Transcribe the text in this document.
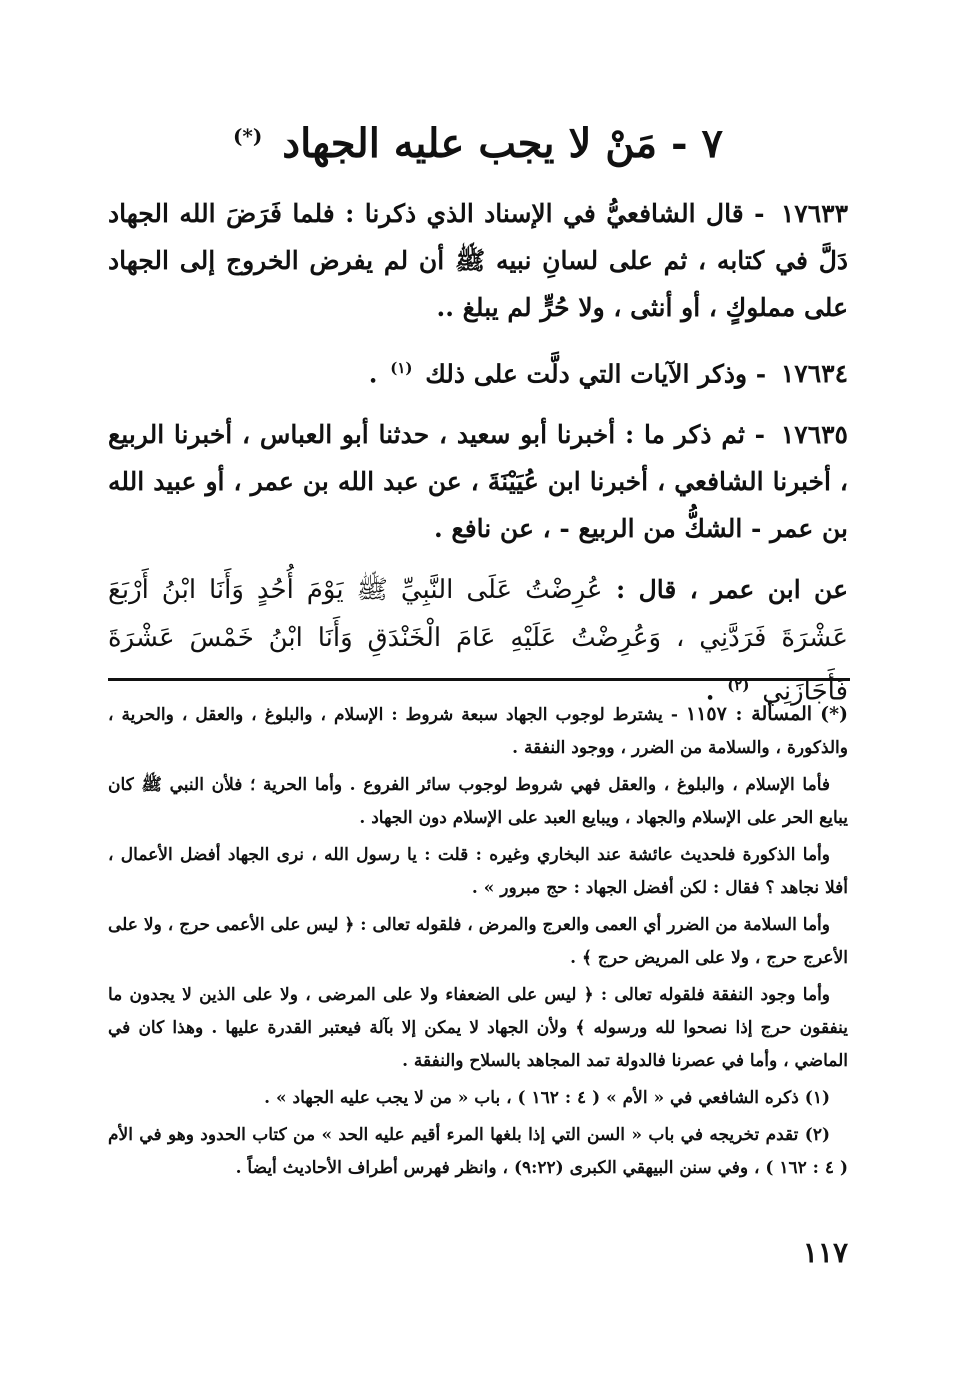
٧ - مَنْ لا يجب عليه الجهاد (*)

١٧٦٣٣ - قال الشافعيُّ في الإسناد الذي ذكرنا : فلما فَرَضَ الله الجهاد دَلَّ في كتابه ، ثم على لسانِ نبيه ﷺ أن لم يفرض الخروج إلى الجهاد على مملوكٍ ، أو أنثى ، ولا حُرٍّ لم يبلغ ..

١٧٦٣٤ - وذكر الآيات التي دلَّت على ذلك $^{(١)}$ .

١٧٦٣٥ - ثم ذكر ما : أخبرنا أبو سعيد ، حدثنا أبو العباس ، أخبرنا الربيع ، أخبرنا الشافعي ، أخبرنا ابن عُيَيْنَةَ ، عن عبد الله بن عمر ، أو عبيد الله بن عمر - الشكُّ من الربيع - ، عن نافع .

عن ابن عمر ، قال : عُرِضْتُ عَلَى النَّبِيِّ ﷺ يَوْمَ أُحُدٍ وَأَنَا ابْنُ أَرْبَعَ عَشْرَةَ فَرَدَّنِي ، وَعُرِضْتُ عَلَيْهِ عَامَ الْخَنْدَقِ وَأَنَا ابْنُ خَمْسَ عَشْرَةَ فَأَجَازَنِي $^{(٢)}$ .

(*) المسألة : ١١٥٧ - يشترط لوجوب الجهاد سبعة شروط : الإسلام ، والبلوغ ، والعقل ، والحرية ، والذكورة ، والسلامة من الضرر ، ووجود النفقة .

فأما الإسلام ، والبلوغ ، والعقل فهي شروط لوجوب سائر الفروع . وأما الحرية ؛ فلأن النبي ﷺ كان يبايع الحر على الإسلام والجهاد ، ويبايع العبد على الإسلام دون الجهاد .

وأما الذكورة فلحديث عائشة عند البخاري وغيره : قلت : يا رسول الله ، نرى الجهاد أفضل الأعمال ، أفلا نجاهد ؟ فقال : لكن أفضل الجهاد : حج مبرور » .

وأما السلامة من الضرر أي العمى والعرج والمرض ، فلقوله تعالى : ﴿ ليس على الأعمى حرج ، ولا على الأعرج حرج ، ولا على المريض حرج ﴾ .

وأما وجود النفقة فلقوله تعالى : ﴿ ليس على الضعفاء ولا على المرضى ، ولا على الذين لا يجدون ما ينفقون حرج إذا نصحوا لله ورسوله ﴾ ولأن الجهاد لا يمكن إلا بآلة فيعتبر القدرة عليها . وهذا كان في الماضي ، وأما في عصرنا فالدولة تمد المجاهد بالسلاح والنفقة .

(١) ذكره الشافعي في « الأم » ( ٤ : ١٦٢ ) ، باب « من لا يجب عليه الجهاد » .

(٢) تقدم تخريجه في باب « السن التي إذا بلغها المرء أقيم عليه الحد » من كتاب الحدود وهو في الأم ( ٤ : ١٦٢ ) ، وفي سنن البيهقي الكبرى (٩:٢٢) ، وانظر فهرس أطراف الأحاديث أيضاً .

١١٧
